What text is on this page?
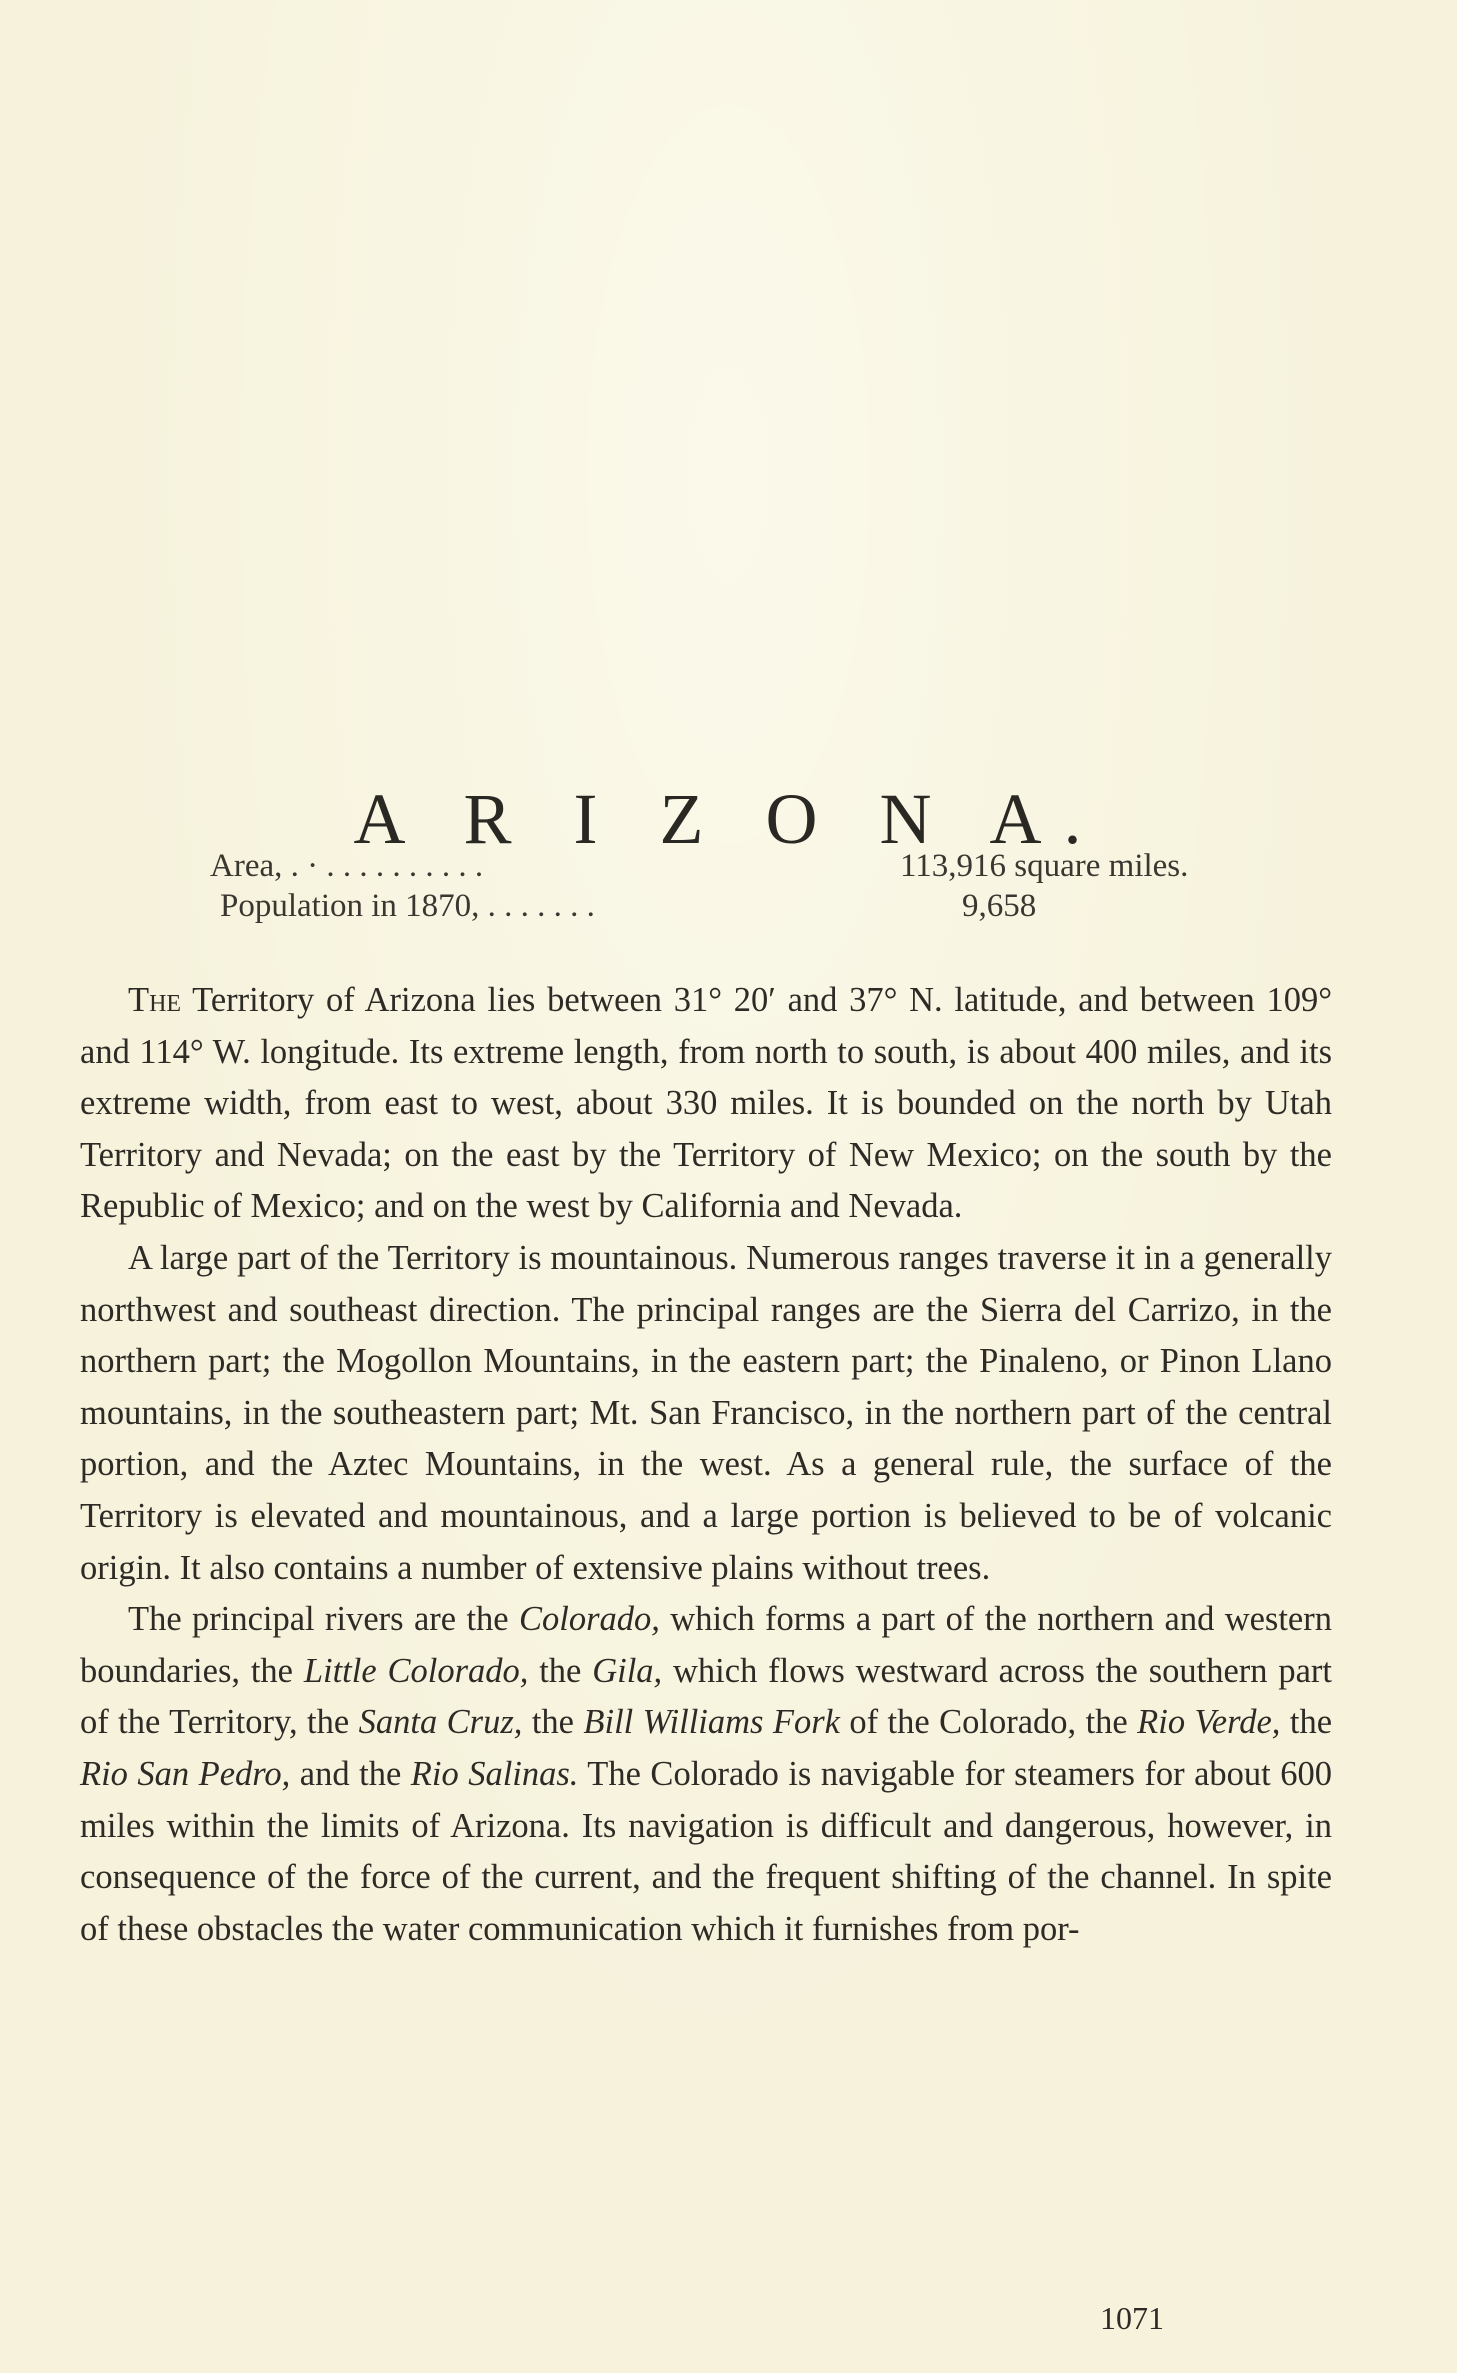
A R I Z O N A.
Area, . · . . . . . . . . . .	113,916 square miles.
Population in 1870, . . . . . . .	9,658

The Territory of Arizona lies between 31° 20′ and 37° N. latitude, and between 109° and 114° W. longitude. Its extreme length, from north to south, is about 400 miles, and its extreme width, from east to west, about 330 miles. It is bounded on the north by Utah Territory and Nevada; on the east by the Territory of New Mexico; on the south by the Republic of Mexico; and on the west by California and Nevada.

A large part of the Territory is mountainous. Numerous ranges traverse it in a generally northwest and southeast direction. The principal ranges are the Sierra del Carrizo, in the northern part; the Mogollon Mountains, in the eastern part; the Pinaleno, or Pinon Llano mountains, in the southeastern part; Mt. San Francisco, in the northern part of the central portion, and the Aztec Mountains, in the west. As a general rule, the surface of the Territory is elevated and mountainous, and a large portion is believed to be of volcanic origin. It also contains a number of extensive plains without trees.

The principal rivers are the Colorado, which forms a part of the northern and western boundaries, the Little Colorado, the Gila, which flows westward across the southern part of the Territory, the Santa Cruz, the Bill Williams Fork of the Colorado, the Rio Verde, the Rio San Pedro, and the Rio Salinas. The Colorado is navigable for steamers for about 600 miles within the limits of Arizona. Its navigation is difficult and dangerous, however, in consequence of the force of the current, and the frequent shifting of the channel. In spite of these obstacles the water communication which it furnishes from por-

1071
